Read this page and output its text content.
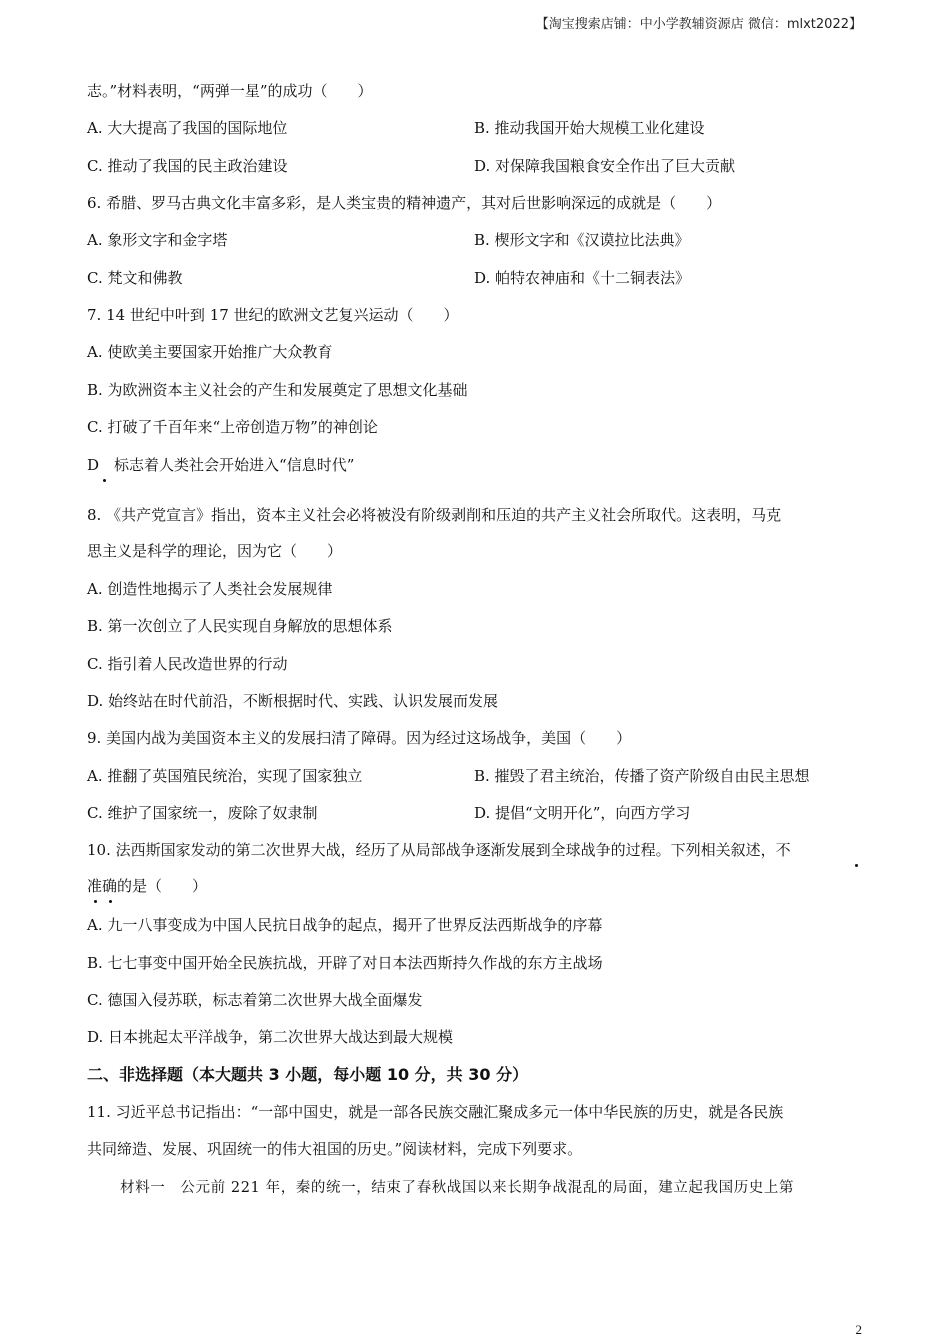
【淘宝搜索店铺：中小学教辅资源店 微信：mlxt2022】
志。”材料表明，“两弹一星”的成功（　　）
A. 大大提高了我国的国际地位	B. 推动我国开始大规模工业化建设
C. 推动了我国的民主政治建设	D. 对保障我国粮食安全作出了巨大贡献
6. 希腊、罗马古典文化丰富多彩，是人类宝贵的精神遗产，其对后世影响深远的成就是（　　）
A. 象形文字和金字塔	B. 楔形文字和《汉谟拉比法典》
C. 梵文和佛教	D. 帕特农神庙和《十二铜表法》
7. 14 世纪中叶到 17 世纪的欧洲文艺复兴运动（　　）
A. 使欧美主要国家开始推广大众教育
B. 为欧洲资本主义社会的产生和发展奠定了思想文化基础
C. 打破了千百年来“上帝创造万物”的神创论
D　标志着人类社会开始进入“信息时代”
8. 《共产党宣言》指出，资本主义社会必将被没有阶级剥削和压迫的共产主义社会所取代。这表明，马克
思主义是科学的理论，因为它（　　）
A. 创造性地揭示了人类社会发展规律
B. 第一次创立了人民实现自身解放的思想体系
C. 指引着人民改造世界的行动
D. 始终站在时代前沿，不断根据时代、实践、认识发展而发展
9. 美国内战为美国资本主义的发展扫清了障碍。因为经过这场战争，美国（　　）
A. 推翻了英国殖民统治，实现了国家独立	B. 摧毁了君主统治，传播了资产阶级自由民主思想
C. 维护了国家统一，废除了奴隶制	D. 提倡“文明开化”，向西方学习
10. 法西斯国家发动的第二次世界大战，经历了从局部战争逐渐发展到全球战争的过程。下列相关叙述，不
准确的是（　　）
A. 九一八事变成为中国人民抗日战争的起点，揭开了世界反法西斯战争的序幕
B. 七七事变中国开始全民族抗战，开辟了对日本法西斯持久作战的东方主战场
C. 德国入侵苏联，标志着第二次世界大战全面爆发
D. 日本挑起太平洋战争，第二次世界大战达到最大规模
二、非选择题（本大题共 3 小题，每小题 10 分，共 30 分）
11. 习近平总书记指出：“一部中国史，就是一部各民族交融汇聚成多元一体中华民族的历史，就是各民族
共同缔造、发展、巩固统一的伟大祖国的历史。”阅读材料，完成下列要求。
材料一　公元前 221 年，秦的统一，结束了春秋战国以来长期争战混乱的局面，建立起我国历史上第
2
